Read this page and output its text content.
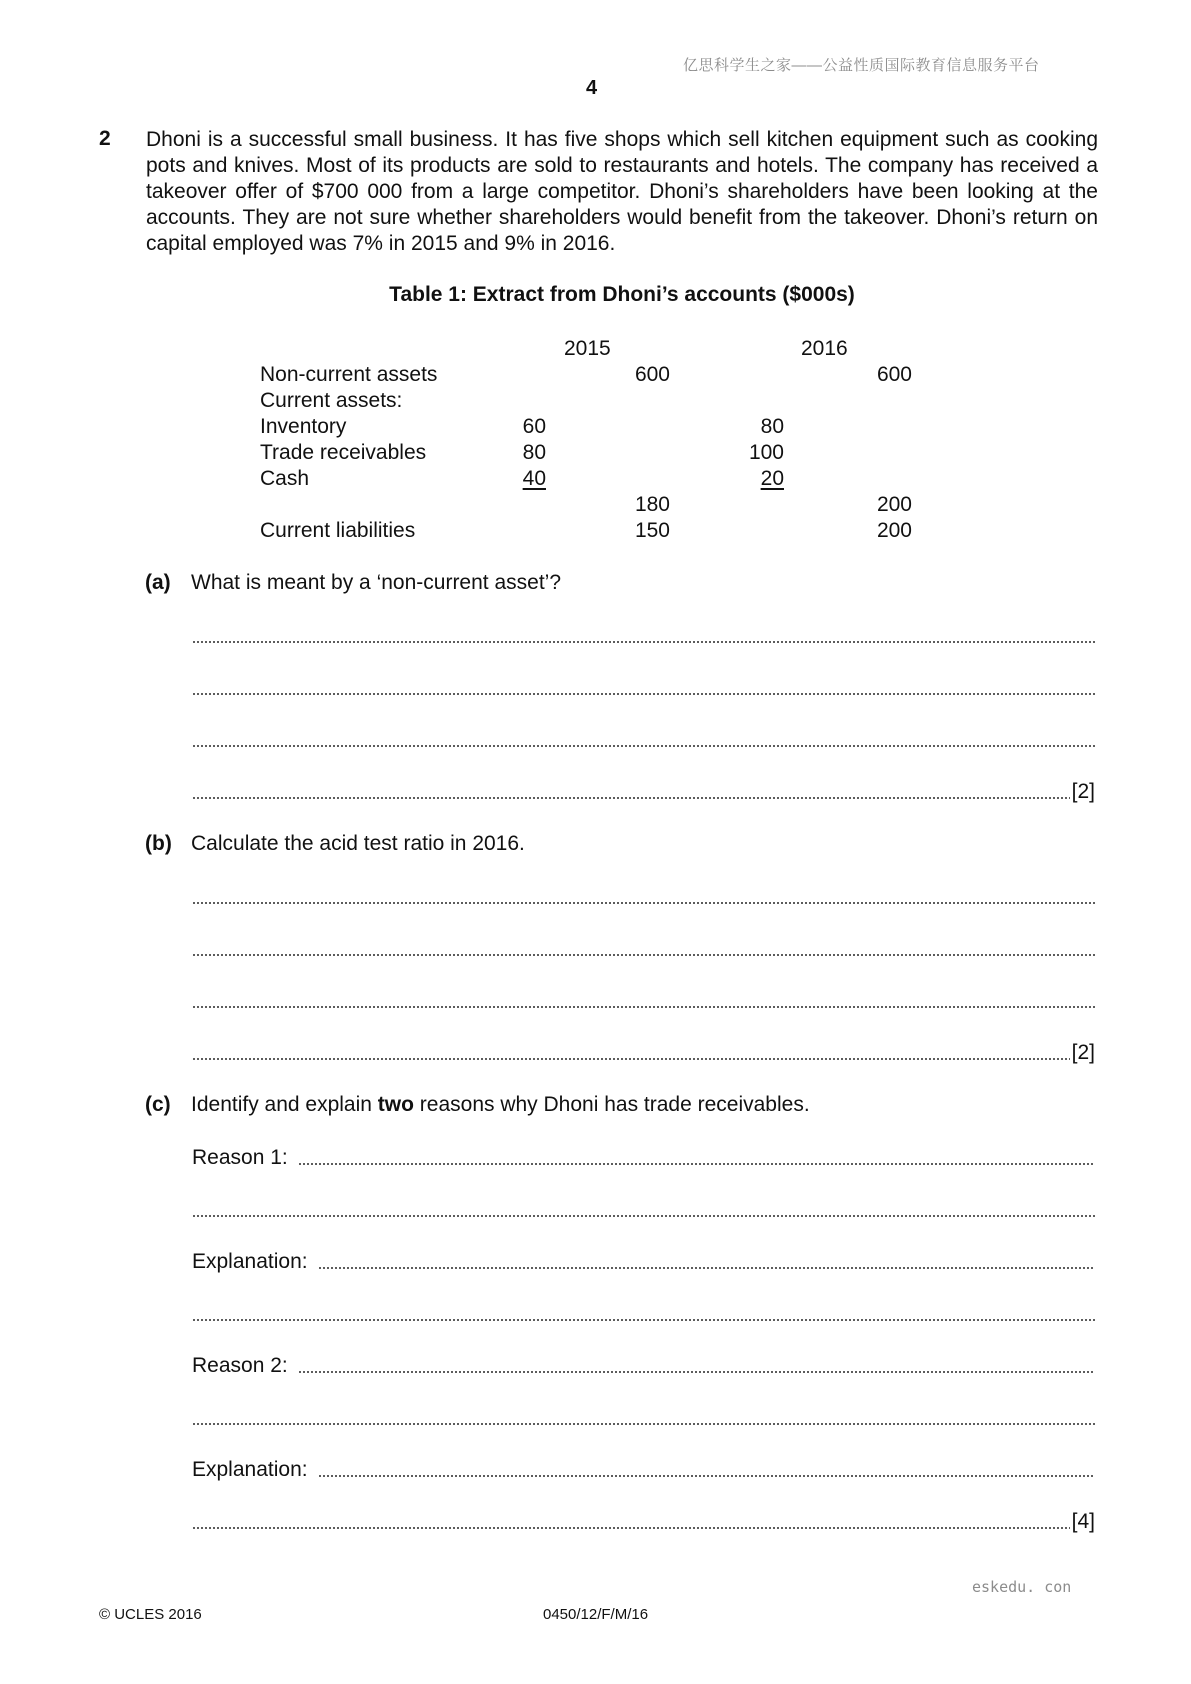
亿思科学生之家——公益性质国际教育信息服务平台
4
2 Dhoni is a successful small business. It has five shops which sell kitchen equipment such as cooking pots and knives. Most of its products are sold to restaurants and hotels. The company has received a takeover offer of $700 000 from a large competitor. Dhoni’s shareholders have been looking at the accounts. They are not sure whether shareholders would benefit from the takeover. Dhoni’s return on capital employed was 7% in 2015 and 9% in 2016.

Table 1: Extract from Dhoni’s accounts ($000s)
2015	2016
Non-current assets	600	600
Current assets:
Inventory	60	80
Trade receivables	80	100
Cash	40	20
180	200
Current liabilities	150	200
(a) What is meant by a ‘non-current asset’?
[2]
(b) Calculate the acid test ratio in 2016.
[2]
(c) Identify and explain two reasons why Dhoni has trade receivables.
Reason 1:
Explanation:
Reason 2:
Explanation:
[4]
eskedu. con
© UCLES 2016	0450/12/F/M/16
